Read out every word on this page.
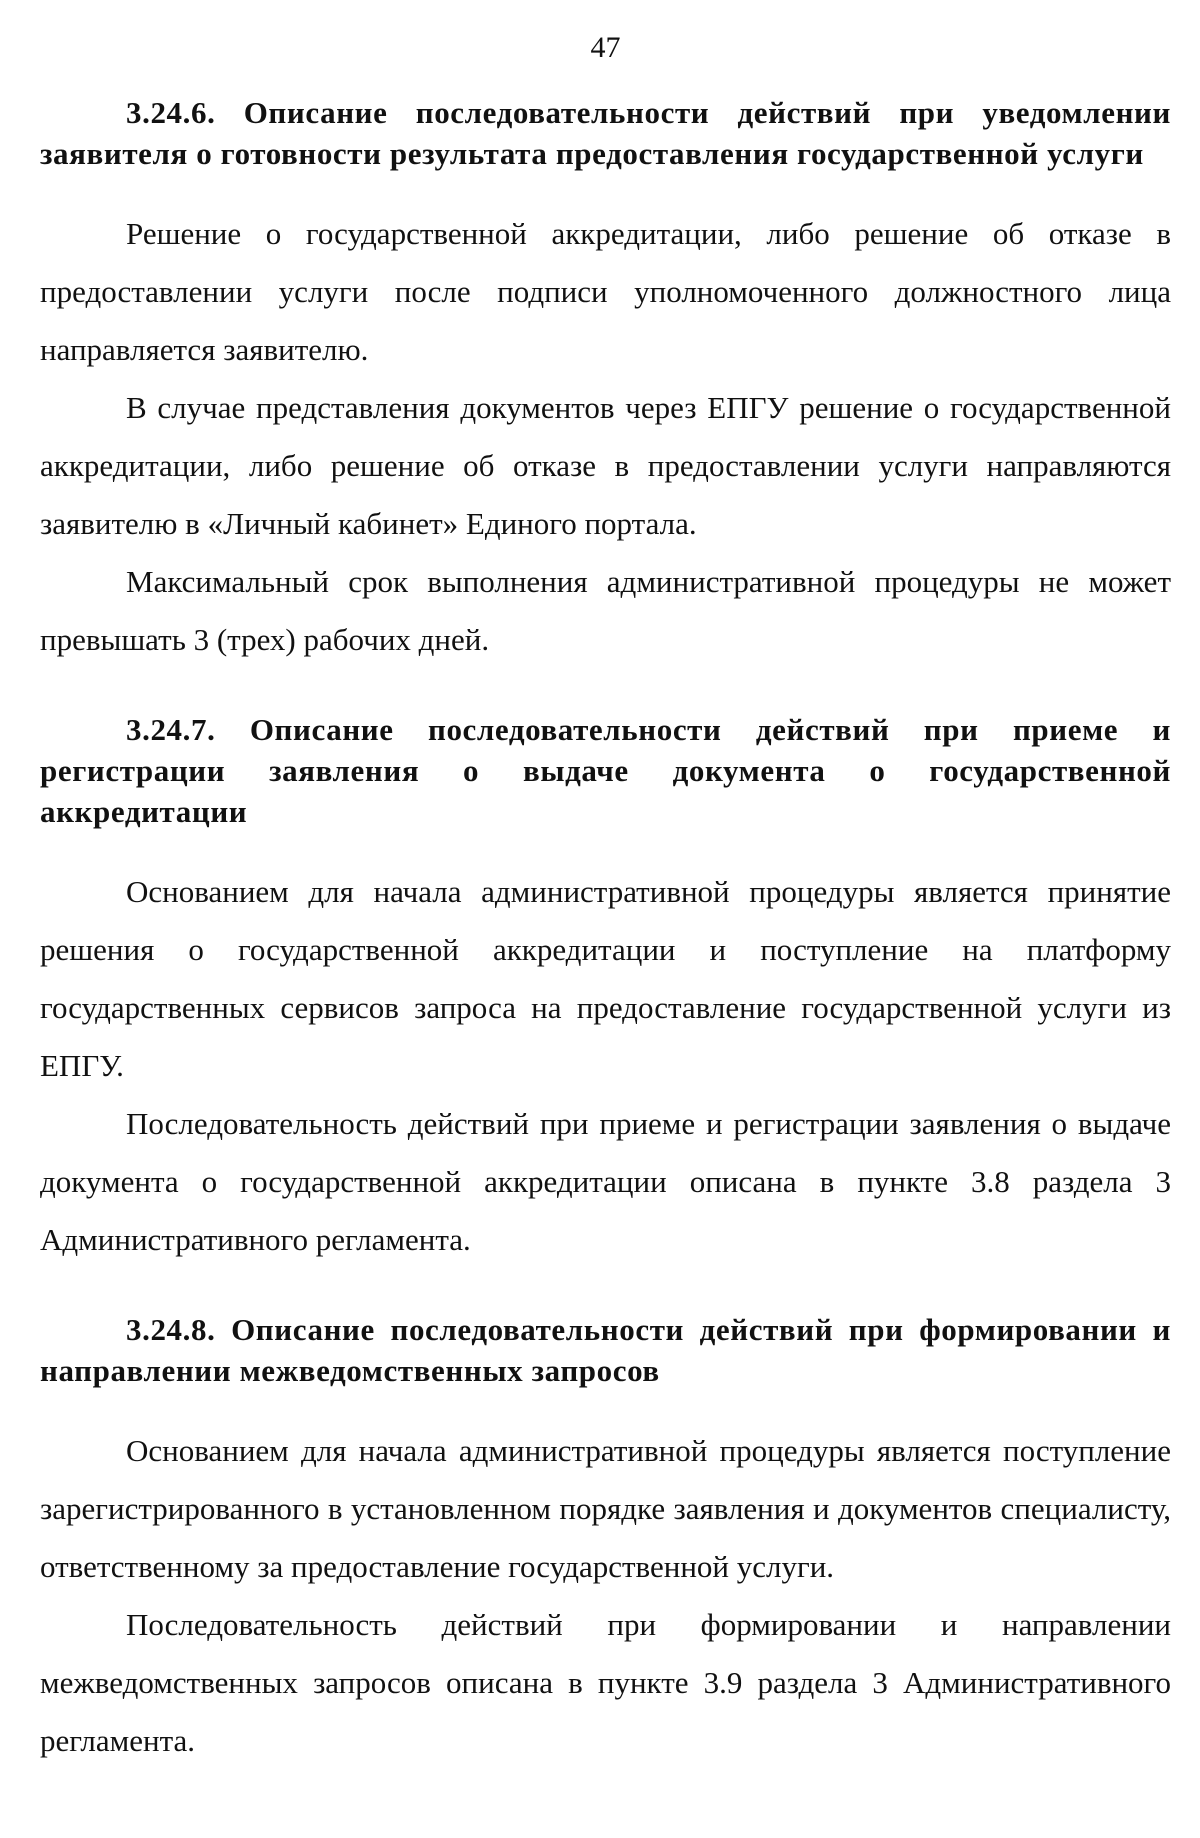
47
3.24.6. Описание последовательности действий при уведомлении заявителя о готовности результата предоставления государственной услуги

Решение о государственной аккредитации, либо решение об отказе в предоставлении услуги после подписи уполномоченного должностного лица направляется заявителю.

В случае представления документов через ЕПГУ решение о государственной аккредитации, либо решение об отказе в предоставлении услуги направляются заявителю в «Личный кабинет» Единого портала.

Максимальный срок выполнения административной процедуры не может превышать 3 (трех) рабочих дней.

3.24.7. Описание последовательности действий при приеме и регистрации заявления о выдаче документа о государственной аккредитации

Основанием для начала административной процедуры является принятие решения о государственной аккредитации и поступление на платформу государственных сервисов запроса на предоставление государственной услуги из ЕПГУ.

Последовательность действий при приеме и регистрации заявления о выдаче документа о государственной аккредитации описана в пункте 3.8 раздела 3 Административного регламента.

3.24.8. Описание последовательности действий при формировании и направлении межведомственных запросов

Основанием для начала административной процедуры является поступление зарегистрированного в установленном порядке заявления и документов специалисту, ответственному за предоставление государственной услуги.

Последовательность действий при формировании и направлении межведомственных запросов описана в пункте 3.9 раздела 3 Административного регламента.
